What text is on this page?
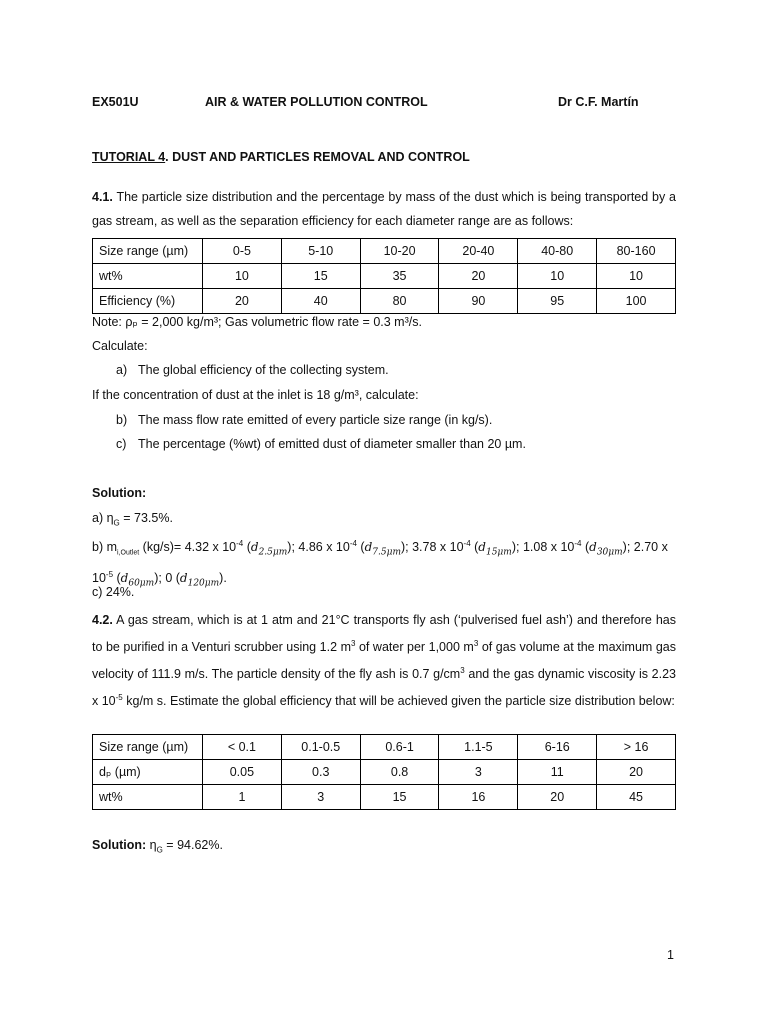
EX501U	AIR & WATER POLLUTION CONTROL	Dr C.F. Martín
TUTORIAL 4. DUST AND PARTICLES REMOVAL AND CONTROL
4.1. The particle size distribution and the percentage by mass of the dust which is being transported by a gas stream, as well as the separation efficiency for each diameter range are as follows:
Size range (µm)	0-5	5-10	10-20	20-40	40-80	80-160
wt%	10	15	35	20	10	10
Efficiency (%)	20	40	80	90	95	100
Note: ρₚ = 2,000 kg/m³; Gas volumetric flow rate = 0.3 m³/s.
Calculate:
a) The global efficiency of the collecting system.
If the concentration of dust at the inlet is 18 g/m³, calculate:
b) The mass flow rate emitted of every particle size range (in kg/s).
c) The percentage (%wt) of emitted dust of diameter smaller than 20 µm.
Solution:
a) $\eta_G = 73.5\%$.
b) $m_{i,Outlet}$ (kg/s)= 4.32 x $10^{-4}$ $(d_{2.5\mu m})$; 4.86 x $10^{-4}$ $(d_{7.5\mu m})$; 3.78 x $10^{-4}$ $(d_{15\mu m})$; 1.08 x $10^{-4}$ $(d_{30\mu m})$; 2.70 x $10^{-5}$ $(d_{60\mu m})$; 0 $(d_{120\mu m})$.
c) 24%.
4.2. A gas stream, which is at 1 atm and 21°C transports fly ash (‘pulverised fuel ash’) and therefore has to be purified in a Venturi scrubber using 1.2 $m^3$ of water per 1,000 $m^3$ of gas volume at the maximum gas velocity of 111.9 m/s. The particle density of the fly ash is 0.7 $g/cm^3$ and the gas dynamic viscosity is 2.23 x $10^{-5}$ kg/m s. Estimate the global efficiency that will be achieved given the particle size distribution below:
Size range (µm)	< 0.1	0.1-0.5	0.6-1	1.1-5	6-16	> 16
dₚ (µm)	0.05	0.3	0.8	3	11	20
wt%	1	3	15	16	20	45
Solution: $\eta_G = 94.62\%$.
1
